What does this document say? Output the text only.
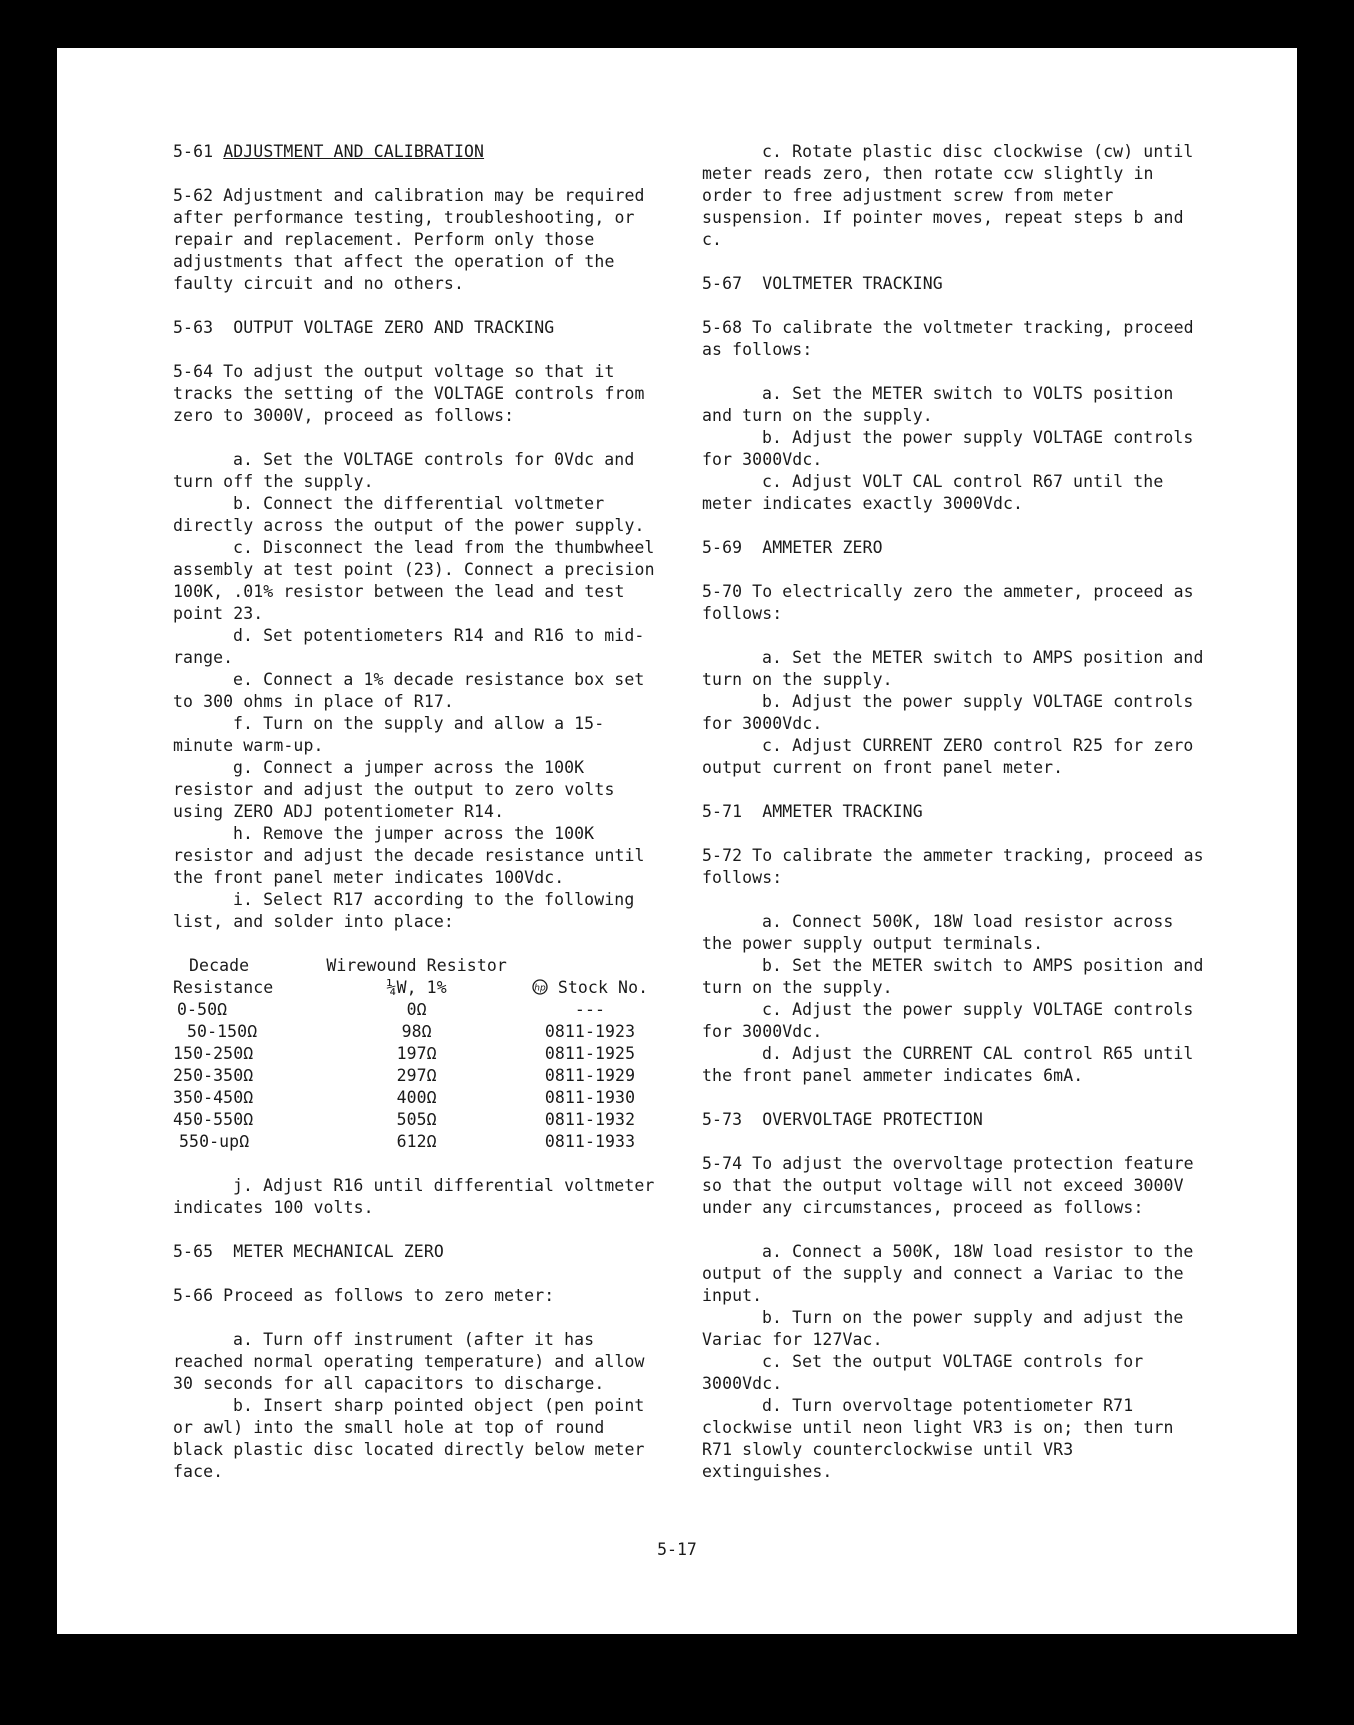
5-61 ADJUSTMENT AND CALIBRATION

5-62 Adjustment and calibration may be required after performance testing, troubleshooting, or repair and replacement. Perform only those adjustments that affect the operation of the faulty circuit and no others.

5-63  OUTPUT VOLTAGE ZERO AND TRACKING

5-64 To adjust the output voltage so that it tracks the setting of the VOLTAGE controls from zero to 3000V, proceed as follows:

a. Set the VOLTAGE controls for 0Vdc and turn off the supply.

b. Connect the differential voltmeter directly across the output of the power supply.

c. Disconnect the lead from the thumbwheel assembly at test point (23). Connect a precision 100K, .01% resistor between the lead and test point 23.

d. Set potentiometers R14 and R16 to mid-range.

e. Connect a 1% decade resistance box set to 300 ohms in place of R17.

f. Turn on the supply and allow a 15-minute warm-up.

g. Connect a jumper across the 100K resistor and adjust the output to zero volts using ZERO ADJ potentiometer R14.

h. Remove the jumper across the 100K resistor and adjust the decade resistance until the front panel meter indicates 100Vdc.

i. Select R17 according to the following list, and solder into place:

Decade	Wirewound Resistor	
Resistance	¼W, 1%	hp Stock No.
0-50Ω	0Ω	---
50-150Ω	98Ω	0811-1923
150-250Ω	197Ω	0811-1925
250-350Ω	297Ω	0811-1929
350-450Ω	400Ω	0811-1930
450-550Ω	505Ω	0811-1932
550-upΩ	612Ω	0811-1933

j. Adjust R16 until differential voltmeter indicates 100 volts.

5-65  METER MECHANICAL ZERO

5-66 Proceed as follows to zero meter:

a. Turn off instrument (after it has reached normal operating temperature) and allow 30 seconds for all capacitors to discharge.

b. Insert sharp pointed object (pen point or awl) into the small hole at top of round black plastic disc located directly below meter face.

c. Rotate plastic disc clockwise (cw) until meter reads zero, then rotate ccw slightly in order to free adjustment screw from meter suspension. If pointer moves, repeat steps b and c.

5-67  VOLTMETER TRACKING

5-68 To calibrate the voltmeter tracking, proceed as follows:

a. Set the METER switch to VOLTS position and turn on the supply.

b. Adjust the power supply VOLTAGE controls for 3000Vdc.

c. Adjust VOLT CAL control R67 until the meter indicates exactly 3000Vdc.

5-69  AMMETER ZERO

5-70 To electrically zero the ammeter, proceed as follows:

a. Set the METER switch to AMPS position and turn on the supply.

b. Adjust the power supply VOLTAGE controls for 3000Vdc.

c. Adjust CURRENT ZERO control R25 for zero output current on front panel meter.

5-71  AMMETER TRACKING

5-72 To calibrate the ammeter tracking, proceed as follows:

a. Connect 500K, 18W load resistor across the power supply output terminals.

b. Set the METER switch to AMPS position and turn on the supply.

c. Adjust the power supply VOLTAGE controls for 3000Vdc.

d. Adjust the CURRENT CAL control R65 until the front panel ammeter indicates 6mA.

5-73  OVERVOLTAGE PROTECTION

5-74 To adjust the overvoltage protection feature so that the output voltage will not exceed 3000V under any circumstances, proceed as follows:

a. Connect a 500K, 18W load resistor to the output of the supply and connect a Variac to the input.

b. Turn on the power supply and adjust the Variac for 127Vac.

c. Set the output VOLTAGE controls for 3000Vdc.

d. Turn overvoltage potentiometer R71 clockwise until neon light VR3 is on; then turn R71 slowly counterclockwise until VR3 extinguishes.

5-17
